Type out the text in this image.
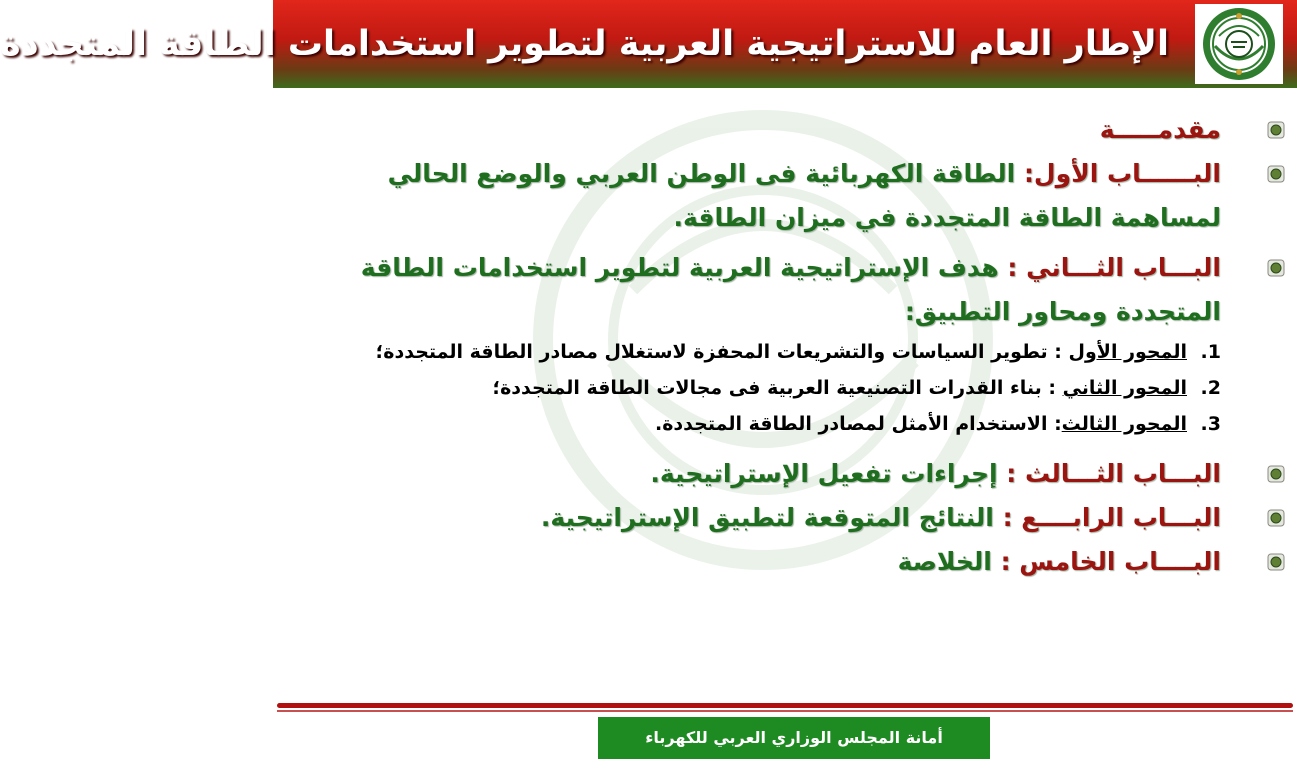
الإطار العام للاستراتيجية العربية لتطوير استخدامات الطاقة المتجددة
مقدمـــــة
البــــــاب الأول: الطاقة الكهربائية فى الوطن العربي والوضع الحالي لمساهمة الطاقة المتجددة في ميزان الطاقة.
البـــاب الثـــاني : هدف الإستراتيجية العربية لتطوير استخدامات الطاقة المتجددة ومحاور التطبيق:
1.
المحور الأول : تطوير السياسات والتشريعات المحفزة لاستغلال مصادر الطاقة المتجددة؛
2.
المحور الثاني : بناء القدرات التصنيعية العربية فى مجالات الطاقة المتجددة؛
3.
المحور الثالث: الاستخدام الأمثل لمصادر الطاقة المتجددة.
البـــاب الثـــالث : إجراءات تفعيل الإستراتيجية.
البـــاب الرابــــع : النتائج المتوقعة لتطبيق الإستراتيجية.
البــــاب الخامس : الخلاصة
أمانة المجلس الوزاري العربي للكهرباء
